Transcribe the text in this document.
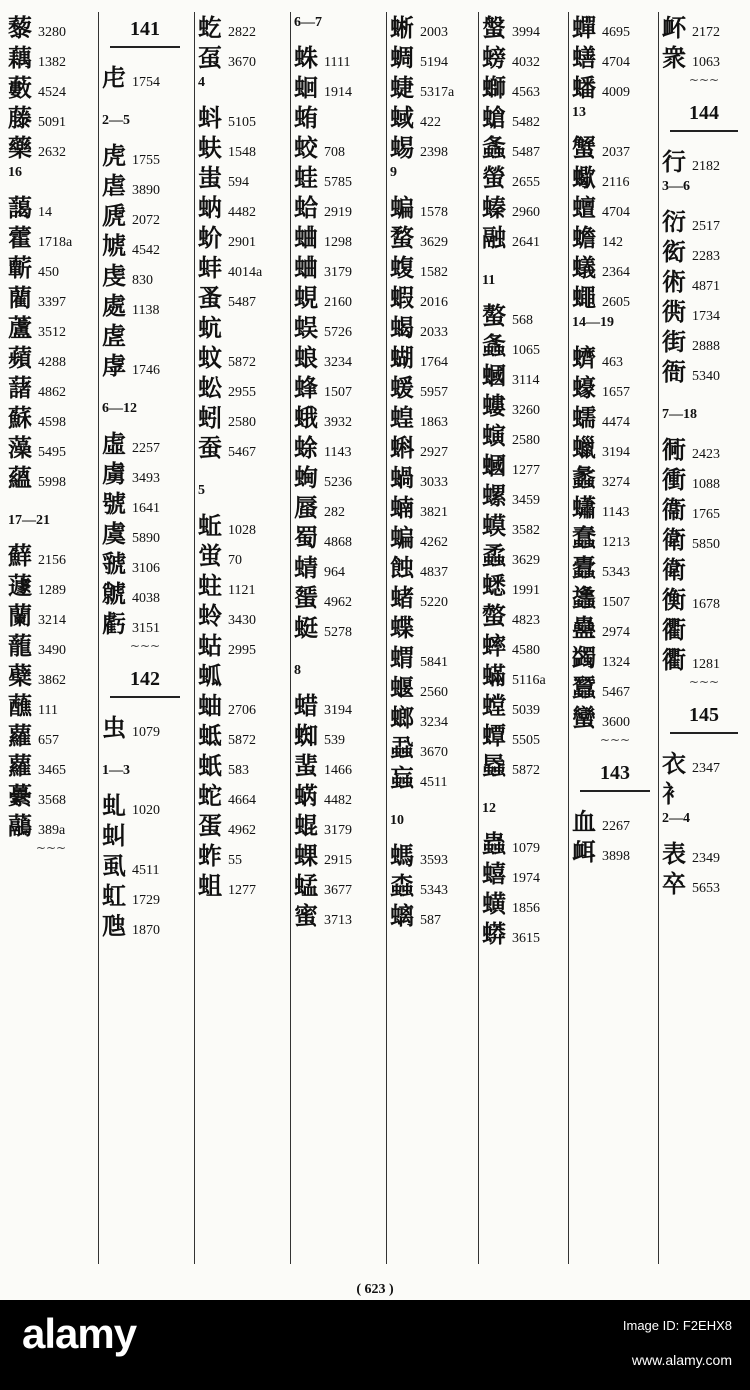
藜 3280
藕 1382
藪 4524
藤 5091
藥 2632
16
藹 14
藿 1718a
蘄 450
藺 3397
蘆 3512
蘋 4288
藷 4862
蘇 4598
藻 5495
蘊 5998
17—21
蘚 2156
蘧 1289
蘭 3214
蘢 3490
蘗 3862
蘸 111
蘿 657
蘿 3465
虆 3568
虉 389a
~~~
141
虍 1754
2—5
虎 1755
虐 3890
虒 2072
虓 4542
虔 830
處 1138
虗
虖 1746
6—12
虛 2257
虜 3493
號 1641
虞 5890
虢 3106
虩 4038
虧 3151
~~~
142
虫 1079
1—3
虬 1020
虯
虱 4511
虹 1729
虺 1870
虼 2822
虿 3670
4
蚪 5105
蚨 1548
蚩 594
蚋 4482
蚧 2901
蚌 4014a
蚤 5487
蚢
蚊 5872
蚣 2955
蚓 2580
蚕 5467
5
蚯 1028
蛍 70
蛀 1121
蛉 3430
蛄 2995
蛌
蚰 2706
蚳 5872
蚔 583
蛇 4664
蛋 4962
蚱 55
蛆 1277
6—7
蛛 1111
蛔 1914
蛕
蛟 708
蛙 5785
蛤 2919
蛐 1298
蛐 3179
蜆 2160
蜈 5726
蜋 3234
蜂 1507
蛾 3932
蜍 1143
蜔 5236
蜃 282
蜀 4868
蜻 964
蜑 4962
蜓 5278
8
蜡 3194
蜘 539
蜚 1466
蜹 4482
蜫 3179
蜾 2915
蜢 3677
蜜 3713
蜥 2003
蜩 5194
蜨 5317a
蜮 422
蜴 2398
9
蝙 1578
蝥 3629
蝮 1582
蝦 2016
蝎 2033
蝴 1764
蝯 5957
蝗 1863
蝌 2927
蝸 3033
蝻 3821
蝙 4262
蝕 4837
蝫 5220
蝶
蝟 5841
蝘 2560
螂 3234
蝨 3670
蝱 4511
10
螞 3593
螙 5343
螭 587
螌 3994
螃 4032
螄 4563
螥 5482
螽 5487
螢 2655
螓 2960
融 2641
11
螯 568
螽 1065
蟈 3114
螻 3260
螾 2580
蟈 1277
螺 3459
蟆 3582
蟊 3629
蟋 1991
螫 4823
蟀 4580
蟎 5116a
螳 5039
蟫 5505
蟁 5872
12
蟲 1079
蟢 1974
蟥 1856
蟒 3615
蟬 4695
蟮 4704
蟠 4009
13
蟹 2037
蠍 2116
蟺 4704
蟾 142
蟻 2364
蠅 2605
14—19
蠐 463
蠔 1657
蠕 4474
蠟 3194
蠡 3274
蠨 1143
蠢 1213
蠹 5343
蠭 1507
蠱 2974
蠲 1324
蠶 5467
蠻 3600
~~~
143
血 2267
衈 3898
衃 2172
衆 1063
~~~
144
行 2182
3—6
衍 2517
衒 2283
術 4871
衖 1734
街 2888
衙 5340
7—18
衕 2423
衝 1088
衞 1765
衛 5850
衛
衡 1678
衢
衢 1281
~~~
145
衣 2347
衤
2—4
表 2349
卒 5653
( 623 )
alamy	Image ID: F2EHX8
www.alamy.com
